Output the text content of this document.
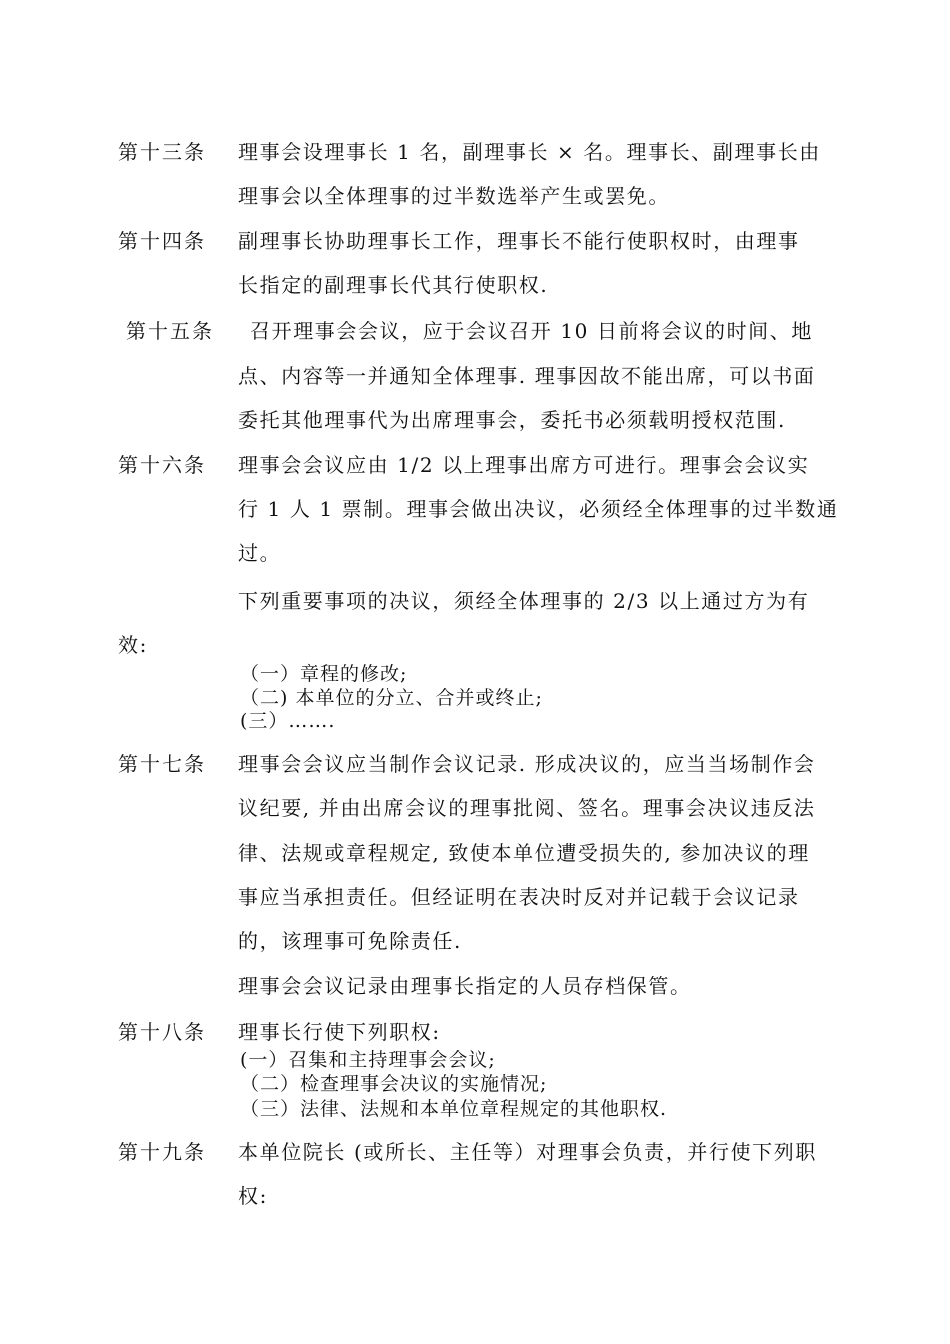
第十三条 理事会设理事长 1 名，副理事长 × 名。理事长、副理事长由
理事会以全体理事的过半数选举产生或罢免。
第十四条 副理事长协助理事长工作，理事长不能行使职权时，由理事
长指定的副理事长代其行使职权.
第十五条 召开理事会会议，应于会议召开 10 日前将会议的时间、地
点、内容等一并通知全体理事. 理事因故不能出席，可以书面
委托其他理事代为出席理事会，委托书必须载明授权范围.
第十六条 理事会会议应由 1/2 以上理事出席方可进行。理事会会议实
行 1 人 1 票制。理事会做出决议，必须经全体理事的过半数通
过。
下列重要事项的决议，须经全体理事的 2/3 以上通过方为有
效:
（一）章程的修改;
（二) 本单位的分立、合并或终止;
(三）…….
第十七条 理事会会议应当制作会议记录. 形成决议的，应当当场制作会
议纪要, 并由出席会议的理事批阅、签名。理事会决议违反法
律、法规或章程规定, 致使本单位遭受损失的, 参加决议的理
事应当承担责任。但经证明在表决时反对并记载于会议记录
的，该理事可免除责任.
理事会会议记录由理事长指定的人员存档保管。
第十八条 理事长行使下列职权:
(一）召集和主持理事会会议;
（二）检查理事会决议的实施情况;
（三）法律、法规和本单位章程规定的其他职权.
第十九条 本单位院长 (或所长、主任等）对理事会负责，并行使下列职
权:
